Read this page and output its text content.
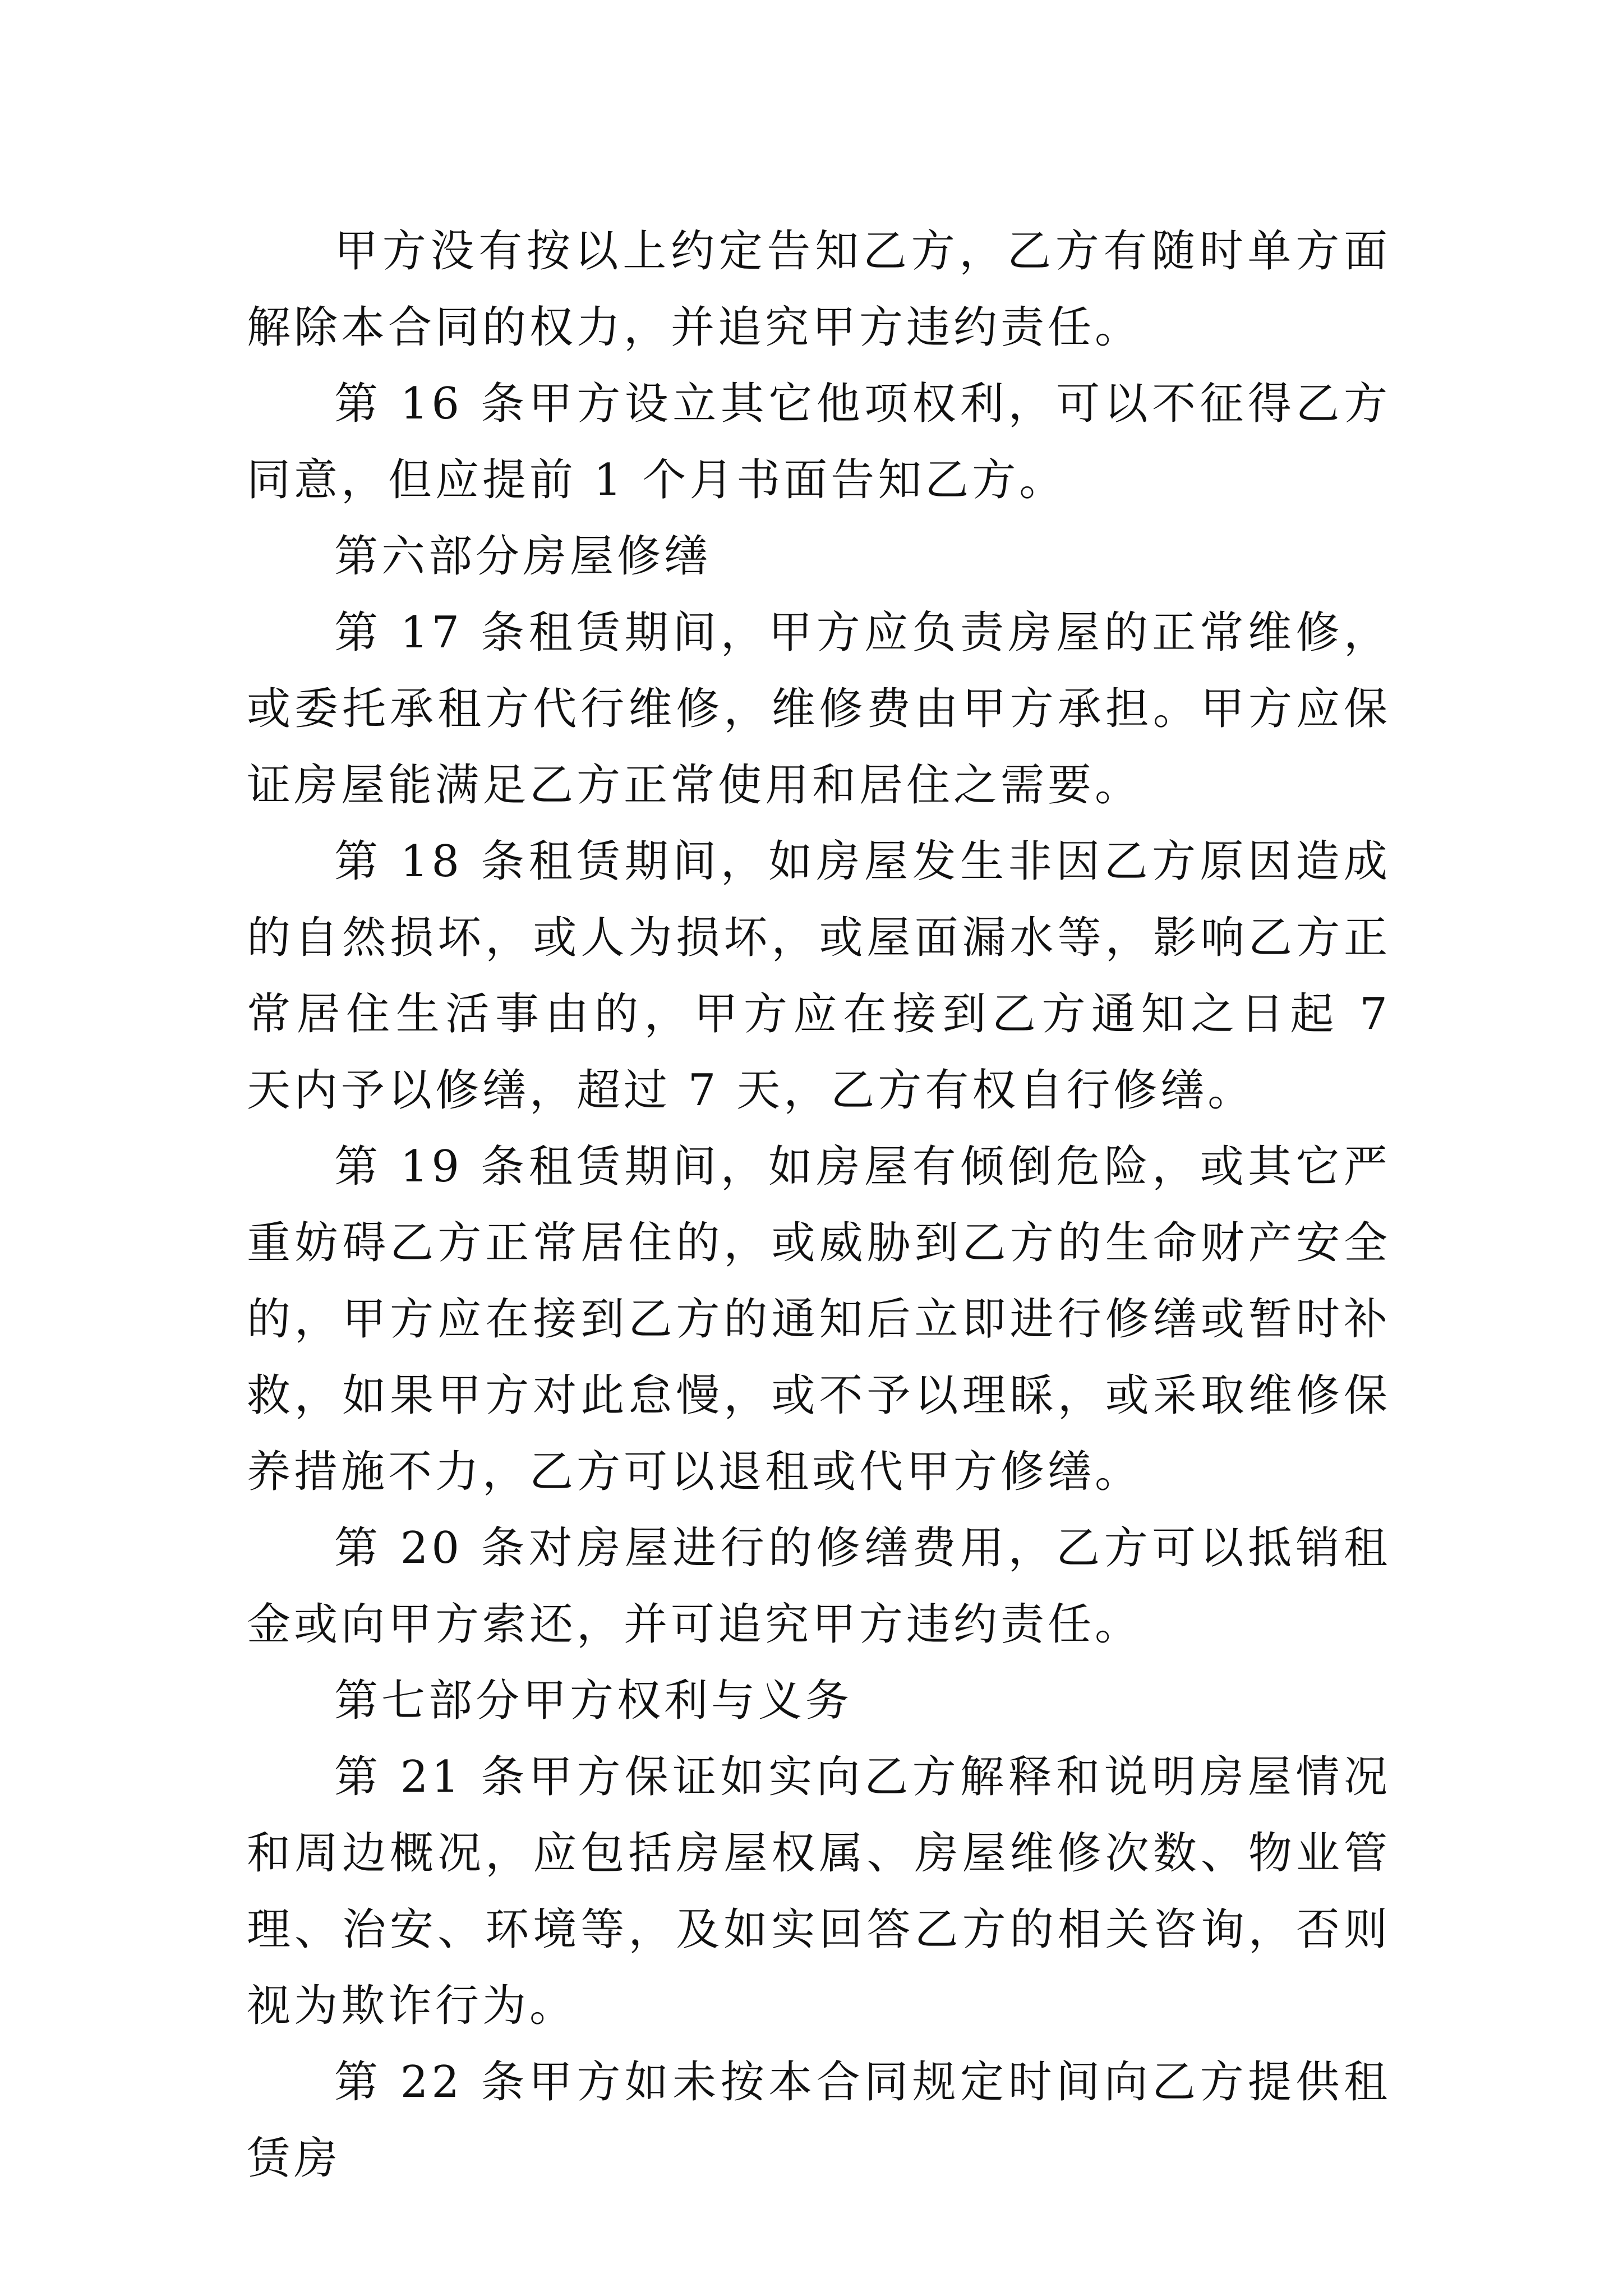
甲方没有按以上约定告知乙方，乙方有随时单方面解除本合同的权力，并追究甲方违约责任。

第 16 条甲方设立其它他项权利，可以不征得乙方同意，但应提前 1 个月书面告知乙方。

第六部分房屋修缮

第 17 条租赁期间，甲方应负责房屋的正常维修，或委托承租方代行维修，维修费由甲方承担。甲方应保证房屋能满足乙方正常使用和居住之需要。

第 18 条租赁期间，如房屋发生非因乙方原因造成的自然损坏，或人为损坏，或屋面漏水等，影响乙方正常居住生活事由的，甲方应在接到乙方通知之日起 7 天内予以修缮，超过 7 天，乙方有权自行修缮。

第 19 条租赁期间，如房屋有倾倒危险，或其它严重妨碍乙方正常居住的，或威胁到乙方的生命财产安全的，甲方应在接到乙方的通知后立即进行修缮或暂时补救，如果甲方对此怠慢，或不予以理睬，或采取维修保养措施不力，乙方可以退租或代甲方修缮。

第 20 条对房屋进行的修缮费用，乙方可以抵销租金或向甲方索还，并可追究甲方违约责任。

第七部分甲方权利与义务

第 21 条甲方保证如实向乙方解释和说明房屋情况和周边概况，应包括房屋权属、房屋维修次数、物业管理、治安、环境等，及如实回答乙方的相关咨询，否则视为欺诈行为。

第 22 条甲方如未按本合同规定时间向乙方提供租赁房
